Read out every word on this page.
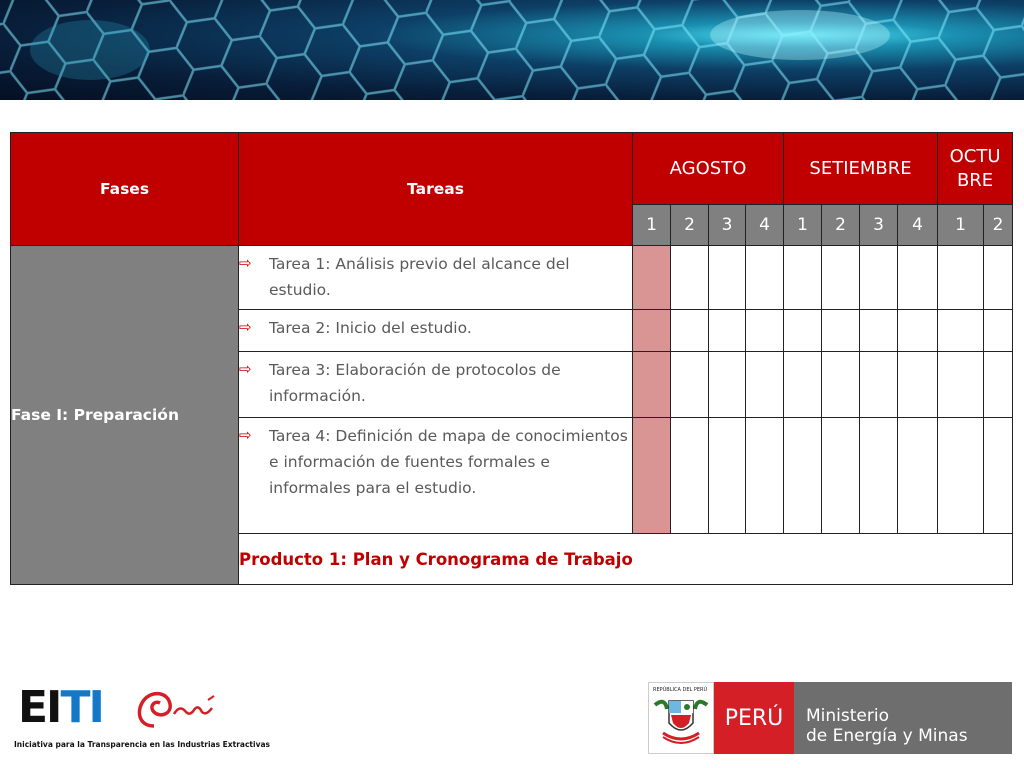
Fases	Tareas	AGOSTO				SETIEMBRE				OCTU BRE	
		1	2	3	4	1	2	3	4	1	2
Fase I: Preparación	⇨ Tarea 1: Análisis previo del alcance del estudio.										

	⇨ Tarea 2: Inicio del estudio.										

	⇨ Tarea 3: Elaboración de protocolos de información.										

	⇨ Tarea 4: Definición de mapa de conocimientos e información de fuentes formales e informales para el estudio.										

	Producto 1: Plan y Cronograma de Trabajo										
EITI
Iniciativa para la Transparencia en las Industrias Extractivas
REPÚBLICA DEL PERÚ
PERÚ	Ministerio
de Energía y Minas
